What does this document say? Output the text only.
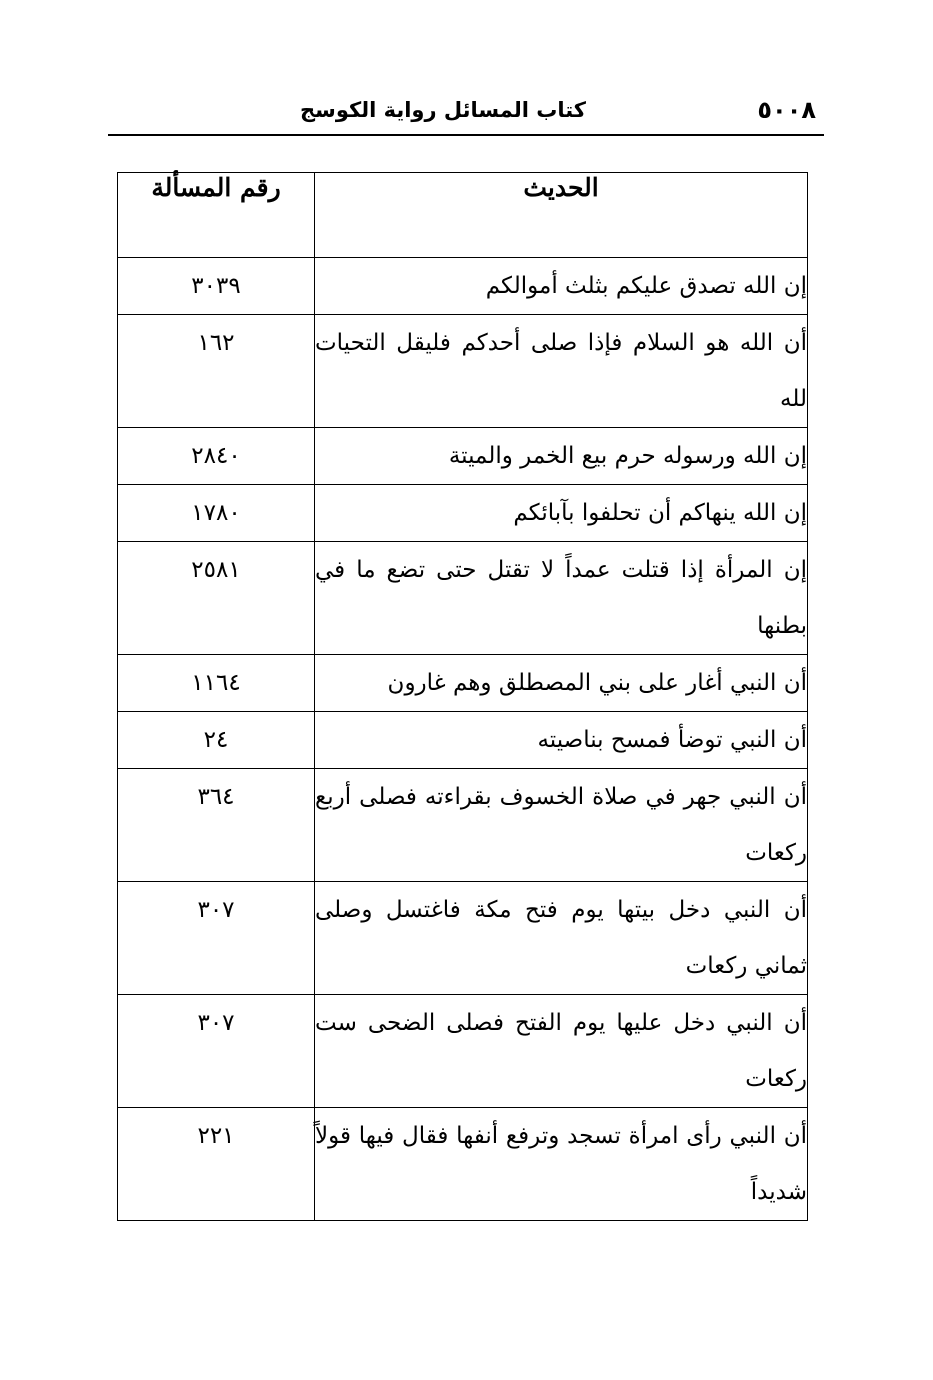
٥٠٠٨
كتاب المسائل رواية الكوسج
الحديث	رقم المسألة
إن الله تصدق عليكم بثلث أموالكم	٣٠٣٩
أن الله هو السلام فإذا صلى أحدكم فليقل التحيات لله	١٦٢
إن الله ورسوله حرم بيع الخمر والميتة	٢٨٤٠
إن الله ينهاكم أن تحلفوا بآبائكم	١٧٨٠
إن المرأة إذا قتلت عمداً لا تقتل حتى تضع ما في بطنها	٢٥٨١
أن النبي أغار على بني المصطلق وهم غارون	١١٦٤
أن النبي توضأ فمسح بناصيته	٢٤
أن النبي جهر في صلاة الخسوف بقراءته فصلى أربع ركعات	٣٦٤
أن النبي دخل بيتها يوم فتح مكة فاغتسل وصلى ثماني ركعات	٣٠٧
أن النبي دخل عليها يوم الفتح فصلى الضحى ست ركعات	٣٠٧
أن النبي رأى امرأة تسجد وترفع أنفها فقال فيها قولاً شديداً	٢٢١
